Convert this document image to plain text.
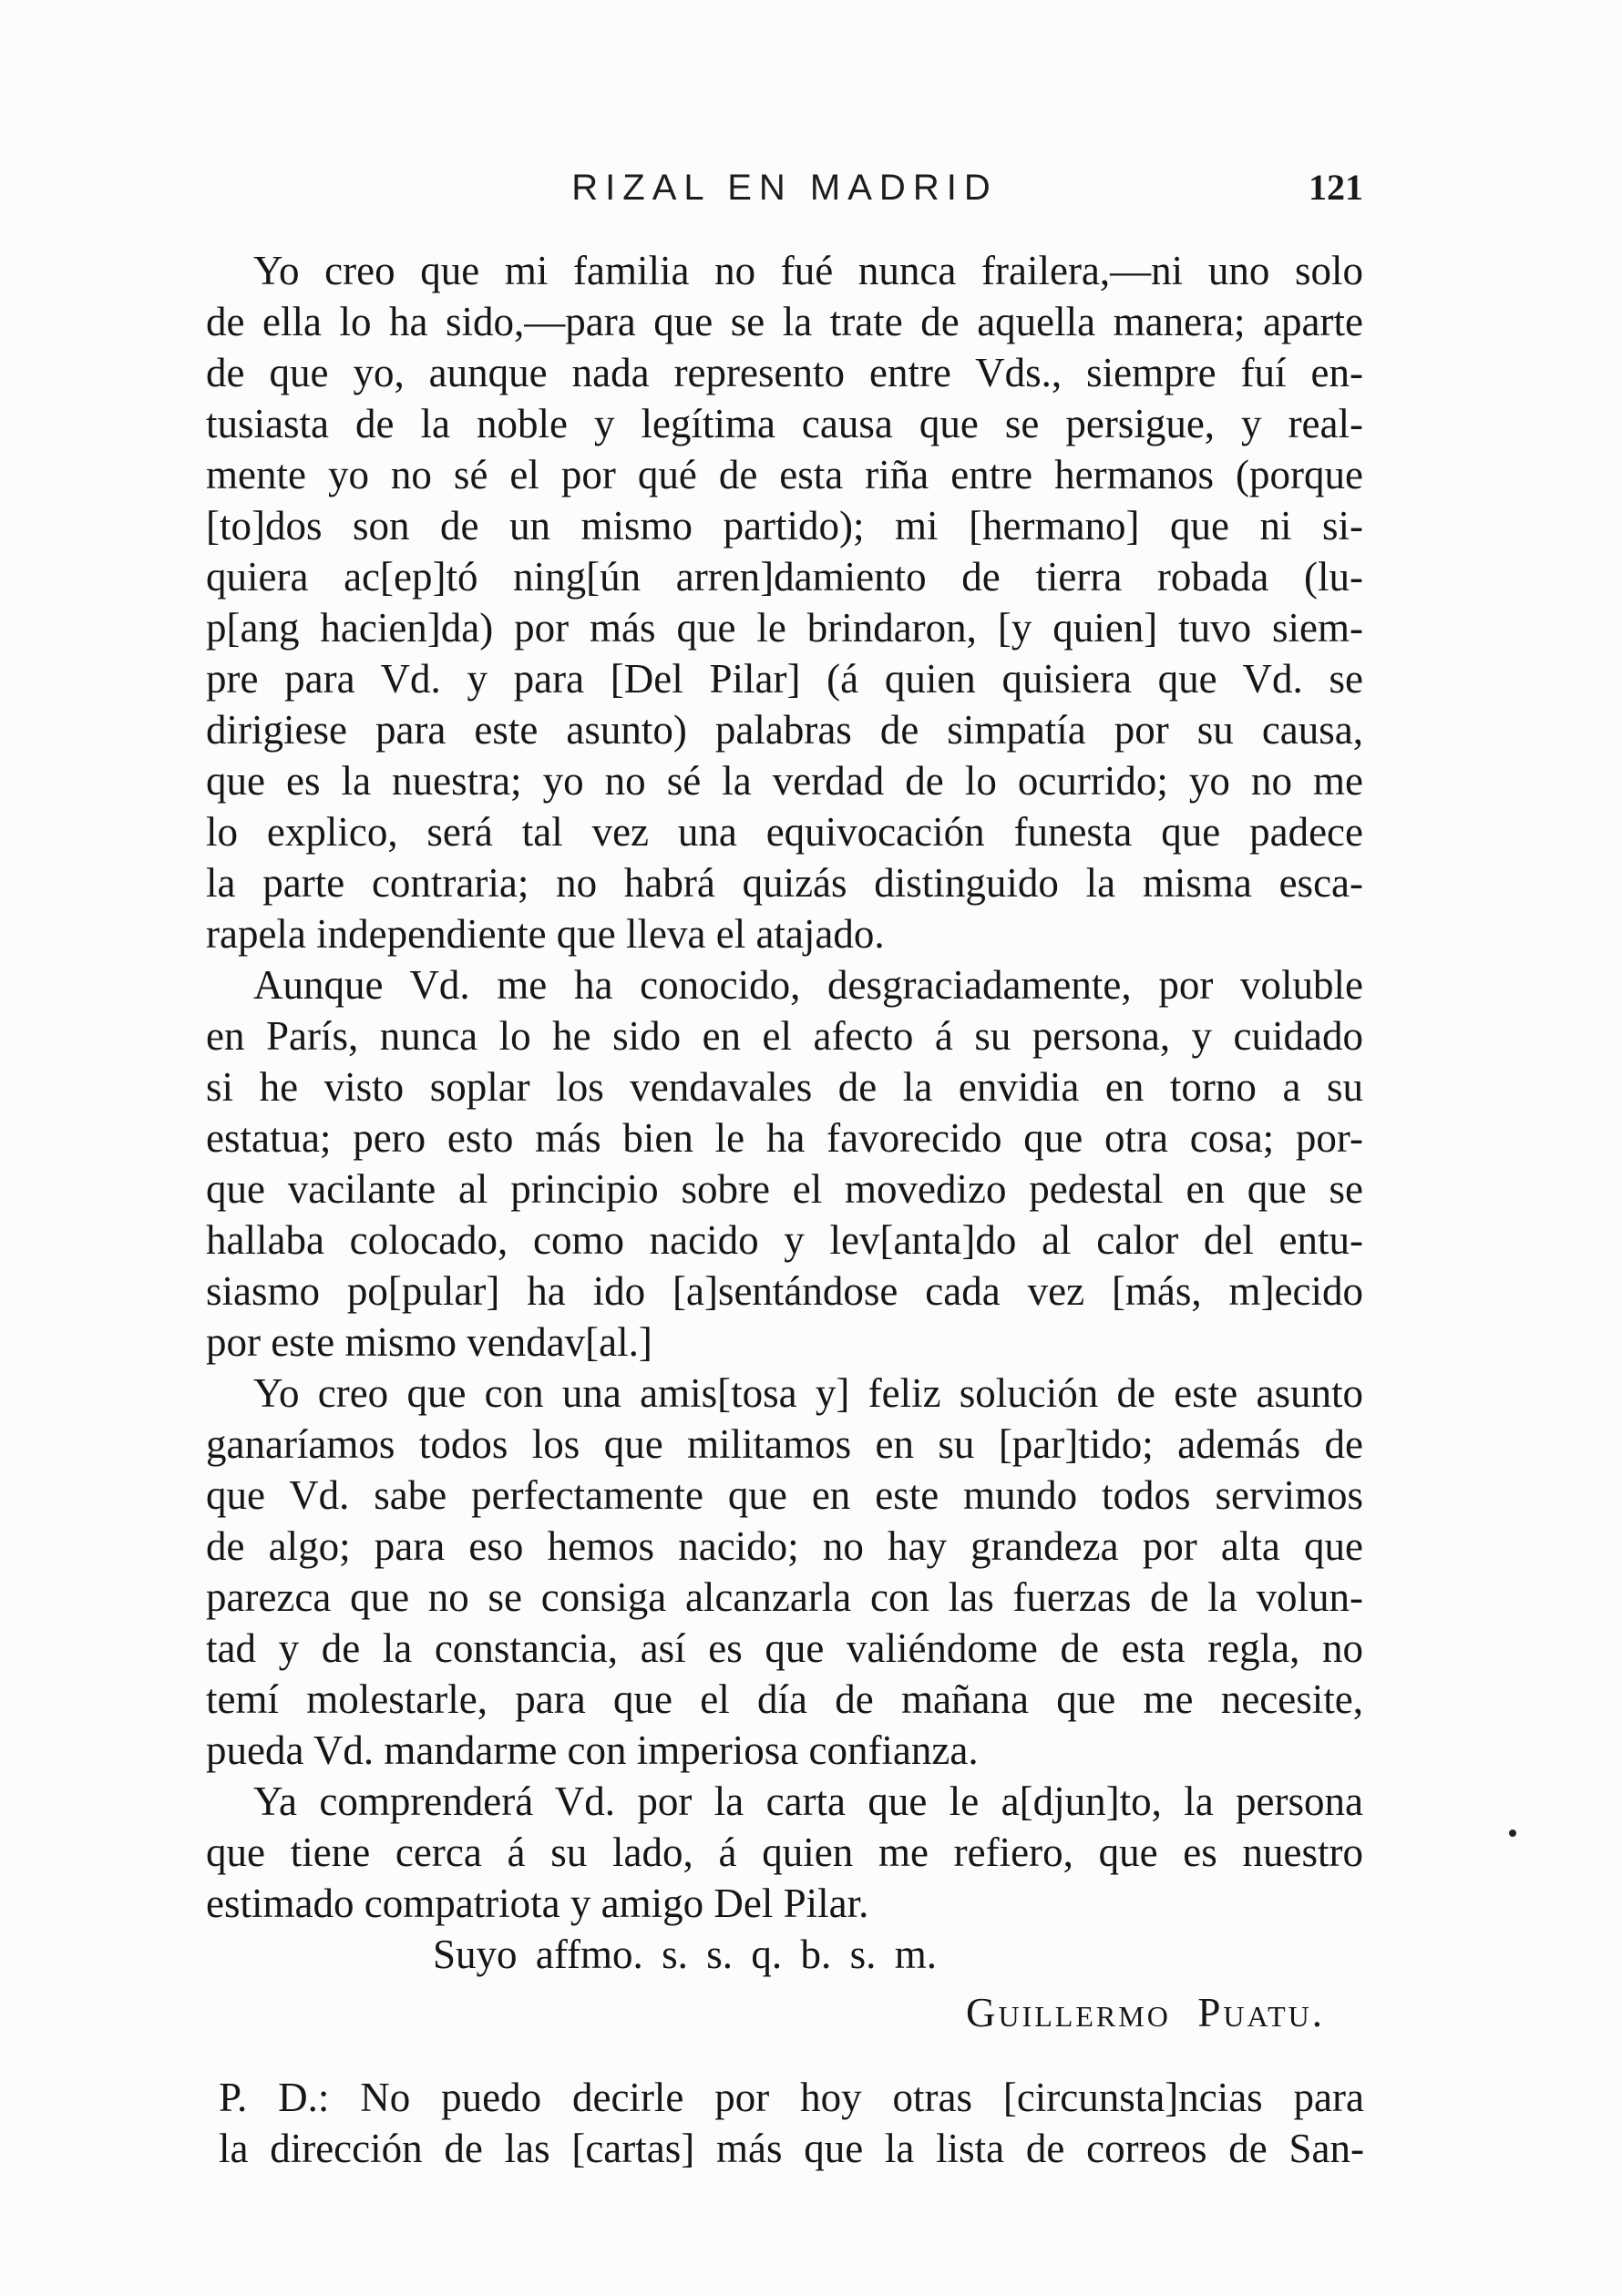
RIZAL EN MADRID	121
Yo creo que mi familia no fué nunca frailera,—ni uno solo
de ella lo ha sido,—para que se la trate de aquella manera; aparte
de que yo, aunque nada represento entre Vds., siempre fuí en-
tusiasta de la noble y legítima causa que se persigue, y real-
mente yo no sé el por qué de esta riña entre hermanos (porque
[to]dos son de un mismo partido); mi [hermano] que ni si-
quiera ac[ep]tó ning[ún arren]damiento de tierra robada (lu-
p[ang hacien]da) por más que le brindaron, [y quien] tuvo siem-
pre para Vd. y para [Del Pilar] (á quien quisiera que Vd. se
dirigiese para este asunto) palabras de simpatía por su causa,
que es la nuestra; yo no sé la verdad de lo ocurrido; yo no me
lo explico, será tal vez una equivocación funesta que padece
la parte contraria; no habrá quizás distinguido la misma esca-
rapela independiente que lleva el atajado.
Aunque Vd. me ha conocido, desgraciadamente, por voluble
en París, nunca lo he sido en el afecto á su persona, y cuidado
si he visto soplar los vendavales de la envidia en torno a su
estatua; pero esto más bien le ha favorecido que otra cosa; por-
que vacilante al principio sobre el movedizo pedestal en que se
hallaba colocado, como nacido y lev[anta]do al calor del entu-
siasmo po[pular] ha ido [a]sentándose cada vez [más, m]ecido
por este mismo vendav[al.]
Yo creo que con una amis[tosa y] feliz solución de este asunto
ganaríamos todos los que militamos en su [par]tido; además de
que Vd. sabe perfectamente que en este mundo todos servimos
de algo; para eso hemos nacido; no hay grandeza por alta que
parezca que no se consiga alcanzarla con las fuerzas de la volun-
tad y de la constancia, así es que valiéndome de esta regla, no
temí molestarle, para que el día de mañana que me necesite,
pueda Vd. mandarme con imperiosa confianza.
Ya comprenderá Vd. por la carta que le a[djun]to, la persona
que tiene cerca á su lado, á quien me refiero, que es nuestro
estimado compatriota y amigo Del Pilar.
Suyo affmo. s. s. q. b. s. m.
Guillermo Puatu.
P. D.: No puedo decirle por hoy otras [circunsta]ncias para
la dirección de las [cartas] más que la lista de correos de San-
